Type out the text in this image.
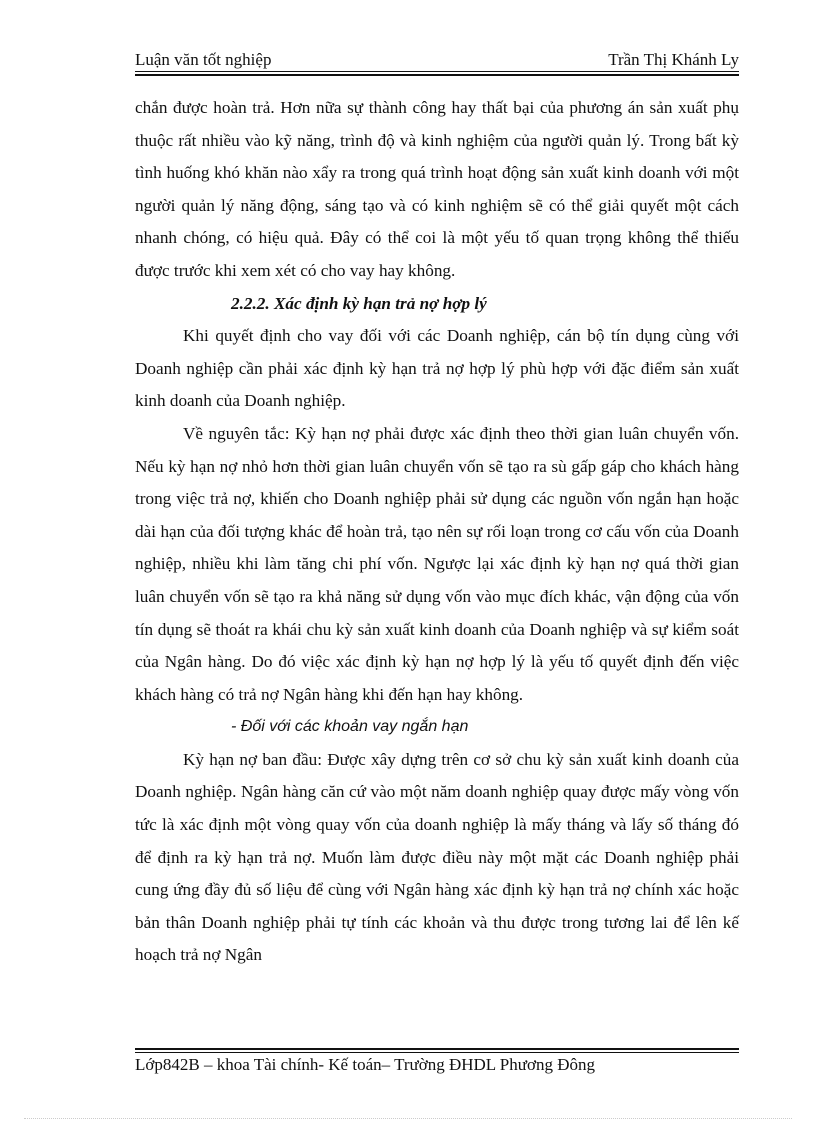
Luận văn tốt nghiệp	Trần Thị Khánh Ly

chắn được hoàn trả. Hơn nữa sự thành công hay thất bại của phương án sản xuất phụ thuộc rất nhiều vào kỹ năng, trình độ và kinh nghiệm của người quản lý. Trong bất kỳ tình huống khó khăn nào xẩy ra trong quá trình hoạt động sản xuất kinh doanh với một người quản lý năng động, sáng tạo và có kinh nghiệm sẽ có thể giải quyết một cách nhanh chóng, có hiệu quả. Đây có thể coi là một yếu tố quan trọng không thể thiếu được trước khi xem xét có cho vay hay không.

2.2.2. Xác định kỳ hạn trả nợ hợp lý

Khi quyết định cho vay đối với các Doanh nghiệp, cán bộ tín dụng cùng với Doanh nghiệp cần phải xác định kỳ hạn trả nợ hợp lý phù hợp với đặc điểm sản xuất kinh doanh của Doanh nghiệp.

Về nguyên tắc: Kỳ hạn nợ phải được xác định theo thời gian luân chuyển vốn. Nếu kỳ hạn nợ nhỏ hơn thời gian luân chuyển vốn sẽ tạo ra sù gấp gáp cho khách hàng trong việc trả nợ, khiến cho Doanh nghiệp phải sử dụng các nguồn vốn ngắn hạn hoặc dài hạn của đối tượng khác để hoàn trả, tạo nên sự rối loạn trong cơ cấu vốn của Doanh nghiệp, nhiều khi làm tăng chi phí vốn. Ngược lại xác định kỳ hạn nợ quá thời gian luân chuyển vốn sẽ tạo ra khả năng sử dụng vốn vào mục đích khác, vận động của vốn tín dụng sẽ thoát ra khái chu kỳ sản xuất kinh doanh của Doanh nghiệp và sự kiểm soát của Ngân hàng. Do đó việc xác định kỳ hạn nợ hợp lý là yếu tố quyết định đến việc khách hàng có trả nợ Ngân hàng khi đến hạn hay không.

- Đối với các khoản vay ngắn hạn

Kỳ hạn nợ ban đầu: Được xây dựng trên cơ sở chu kỳ sản xuất kinh doanh của Doanh nghiệp. Ngân hàng căn cứ vào một năm doanh nghiệp quay được mấy vòng vốn tức là xác định một vòng quay vốn của doanh nghiệp là mấy tháng và lấy số tháng đó để định ra kỳ hạn trả nợ. Muốn làm được điều này một mặt các Doanh nghiệp phải cung ứng đầy đủ số liệu để cùng với Ngân hàng xác định kỳ hạn trả nợ chính xác hoặc bản thân Doanh nghiệp phải tự tính các khoản và thu được trong tương lai để lên kế hoạch trả nợ Ngân

Lớp842B – khoa Tài chính- Kế toán– Trường ĐHDL Phương Đông
